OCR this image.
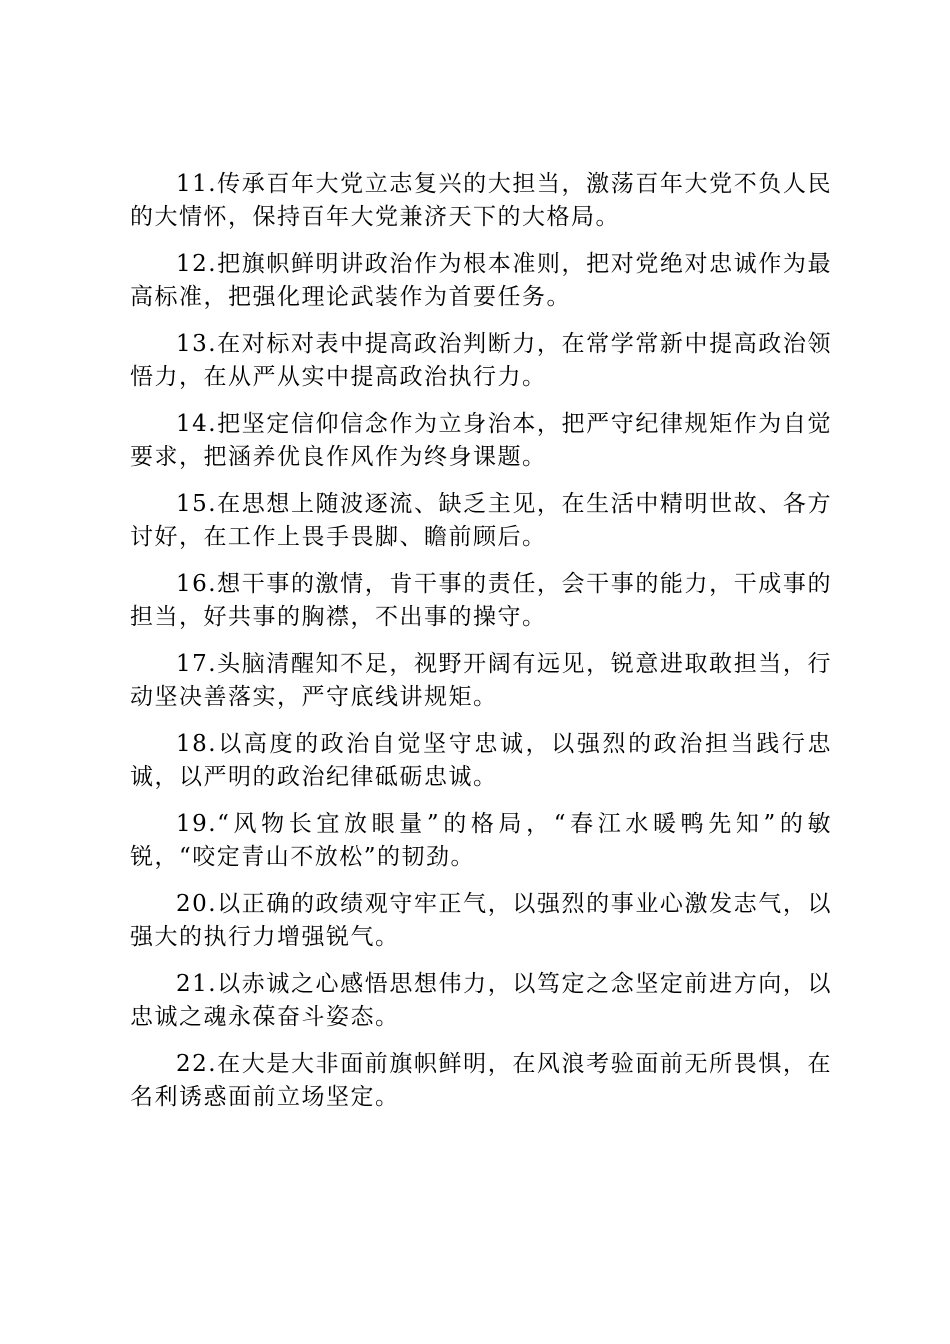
11.传承百年大党立志复兴的大担当，激荡百年大党不负人民的大情怀，保持百年大党兼济天下的大格局。

12.把旗帜鲜明讲政治作为根本准则，把对党绝对忠诚作为最高标准，把强化理论武装作为首要任务。

13.在对标对表中提高政治判断力，在常学常新中提高政治领悟力，在从严从实中提高政治执行力。

14.把坚定信仰信念作为立身治本，把严守纪律规矩作为自觉要求，把涵养优良作风作为终身课题。

15.在思想上随波逐流、缺乏主见，在生活中精明世故、各方讨好，在工作上畏手畏脚、瞻前顾后。

16.想干事的激情，肯干事的责任，会干事的能力，干成事的担当，好共事的胸襟，不出事的操守。

17.头脑清醒知不足，视野开阔有远见，锐意进取敢担当，行动坚决善落实，严守底线讲规矩。

18.以高度的政治自觉坚守忠诚，以强烈的政治担当践行忠诚，以严明的政治纪律砥砺忠诚。

19.“风物长宜放眼量”的格局，“春江水暖鸭先知”的敏锐，“咬定青山不放松”的韧劲。

20.以正确的政绩观守牢正气，以强烈的事业心激发志气，以强大的执行力增强锐气。

21.以赤诚之心感悟思想伟力，以笃定之念坚定前进方向，以忠诚之魂永葆奋斗姿态。

22.在大是大非面前旗帜鲜明，在风浪考验面前无所畏惧，在名利诱惑面前立场坚定。
